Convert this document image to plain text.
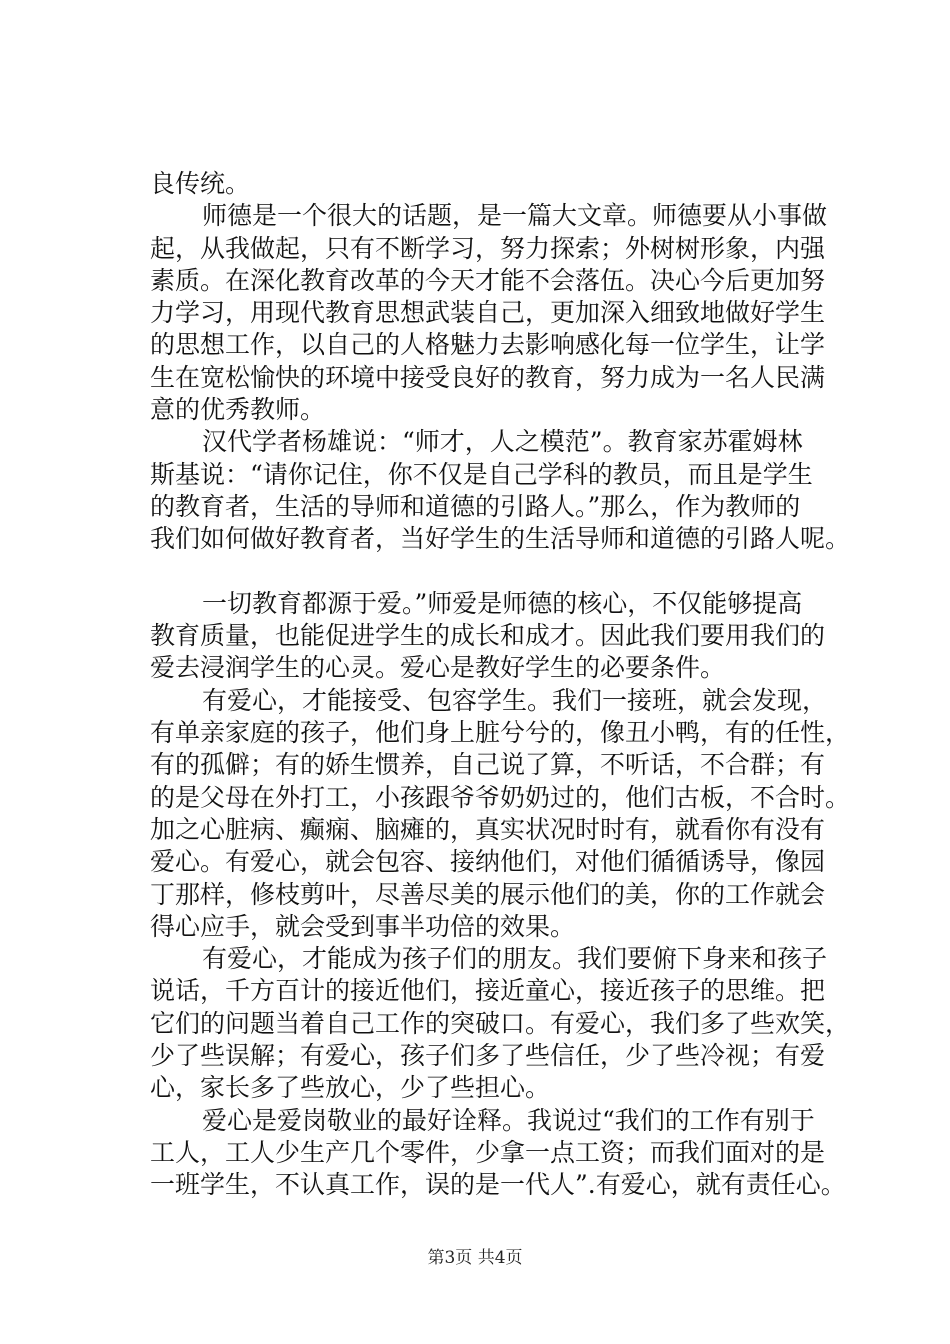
良传统。
师德是一个很大的话题，是一篇大文章。师德要从小事做
起，从我做起，只有不断学习，努力探索；外树树形象，内强
素质。在深化教育改革的今天才能不会落伍。决心今后更加努
力学习，用现代教育思想武装自己，更加深入细致地做好学生
的思想工作，以自己的人格魅力去影响感化每一位学生，让学
生在宽松愉快的环境中接受良好的教育，努力成为一名人民满
意的优秀教师。
汉代学者杨雄说：“师才，人之模范”。教育家苏霍姆林
斯基说：“请你记住，你不仅是自己学科的教员，而且是学生
的教育者，生活的导师和道德的引路人。”那么，作为教师的
我们如何做好教育者，当好学生的生活导师和道德的引路人呢。
一切教育都源于爱。”师爱是师德的核心，不仅能够提高
教育质量，也能促进学生的成长和成才。因此我们要用我们的
爱去浸润学生的心灵。爱心是教好学生的必要条件。
有爱心，才能接受、包容学生。我们一接班，就会发现，
有单亲家庭的孩子，他们身上脏兮兮的，像丑小鸭，有的任性，
有的孤僻；有的娇生惯养，自己说了算，不听话，不合群；有
的是父母在外打工，小孩跟爷爷奶奶过的，他们古板，不合时。
加之心脏病、癫痫、脑瘫的，真实状况时时有，就看你有没有
爱心。有爱心，就会包容、接纳他们，对他们循循诱导，像园
丁那样，修枝剪叶，尽善尽美的展示他们的美，你的工作就会
得心应手，就会受到事半功倍的效果。
有爱心，才能成为孩子们的朋友。我们要俯下身来和孩子
说话，千方百计的接近他们，接近童心，接近孩子的思维。把
它们的问题当着自己工作的突破口。有爱心，我们多了些欢笑，
少了些误解；有爱心，孩子们多了些信任，少了些冷视；有爱
心，家长多了些放心，少了些担心。
爱心是爱岗敬业的最好诠释。我说过“我们的工作有别于
工人，工人少生产几个零件，少拿一点工资；而我们面对的是
一班学生，不认真工作，误的是一代人”.有爱心，就有责任心。
第3页 共4页
